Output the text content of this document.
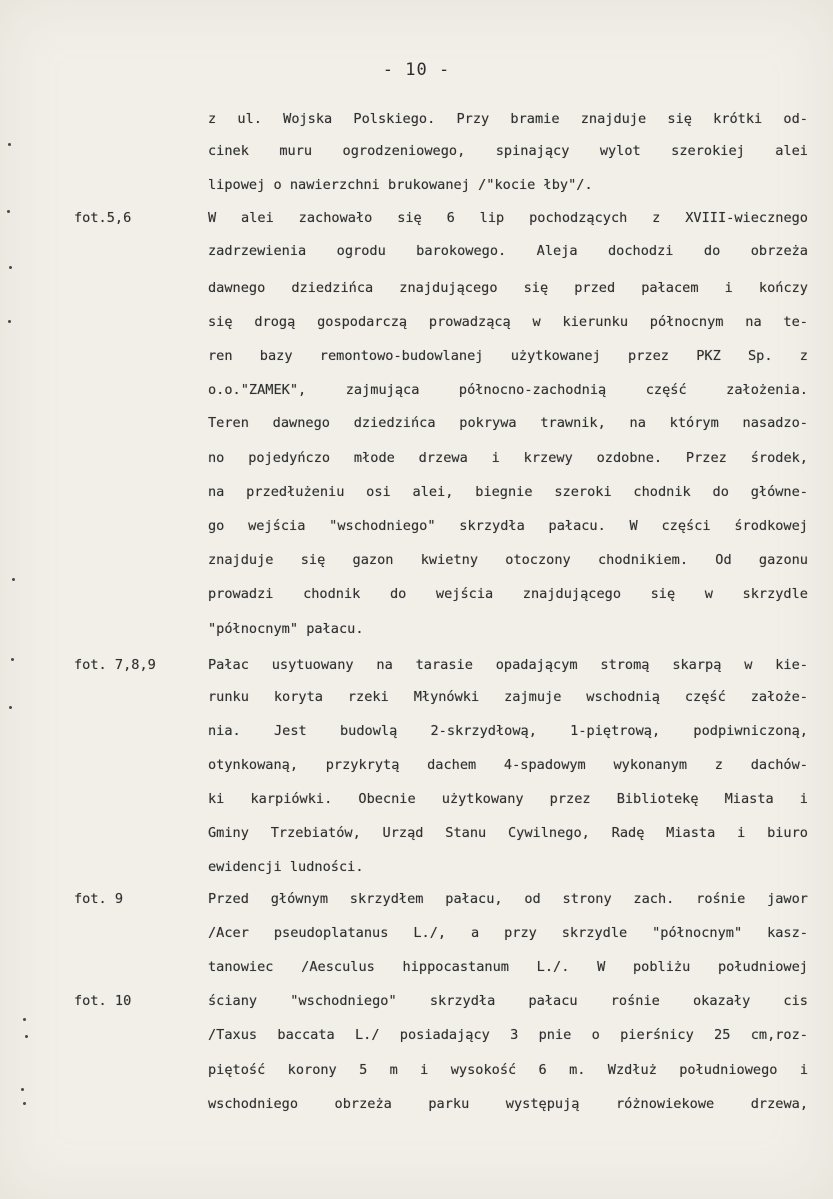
- 10 -
fot.5,6
fot. 7,8,9
fot. 9
fot. 10
z ul. Wojska Polskiego. Przy bramie znajduje się krótki od-
cinek muru ogrodzeniowego, spinający wylot szerokiej alei
lipowej o nawierzchni brukowanej /"kocie łby"/.
W alei zachowało się 6 lip pochodzących z XVIII-wiecznego
zadrzewienia ogrodu barokowego. Aleja dochodzi do obrzeża
dawnego dziedzińca znajdującego się przed pałacem i kończy
się drogą gospodarczą prowadzącą w kierunku północnym na te-
ren bazy remontowo-budowlanej użytkowanej przez PKZ Sp. z
o.o."ZAMEK", zajmująca północno-zachodnią część założenia.
Teren dawnego dziedzińca pokrywa trawnik, na którym nasadzo-
no pojedyńczo młode drzewa i krzewy ozdobne. Przez środek,
na przedłużeniu osi alei, biegnie szeroki chodnik do główne-
go wejścia "wschodniego" skrzydła pałacu. W części środkowej
znajduje się gazon kwietny otoczony chodnikiem. Od gazonu
prowadzi chodnik do wejścia znajdującego się w skrzydle
"północnym" pałacu.
Pałac usytuowany na tarasie opadającym stromą skarpą w kie-
runku koryta rzeki Młynówki zajmuje wschodnią część założe-
nia. Jest budowlą 2-skrzydłową, 1-piętrową, podpiwniczoną,
otynkowaną, przykrytą dachem 4-spadowym wykonanym z dachów-
ki karpiówki. Obecnie użytkowany przez Bibliotekę Miasta i
Gminy Trzebiatów, Urząd Stanu Cywilnego, Radę Miasta i biuro
ewidencji ludności.
Przed głównym skrzydłem pałacu, od strony zach. rośnie jawor
/Acer pseudoplatanus L./, a przy skrzydle "północnym" kasz-
tanowiec /Aesculus hippocastanum L./. W pobliżu południowej
ściany "wschodniego" skrzydła pałacu rośnie okazały cis
/Taxus baccata L./ posiadający 3 pnie o pierśnicy 25 cm,roz-
piętość korony 5 m i wysokość 6 m. Wzdłuż południowego i
wschodniego obrzeża parku występują różnowiekowe drzewa,
